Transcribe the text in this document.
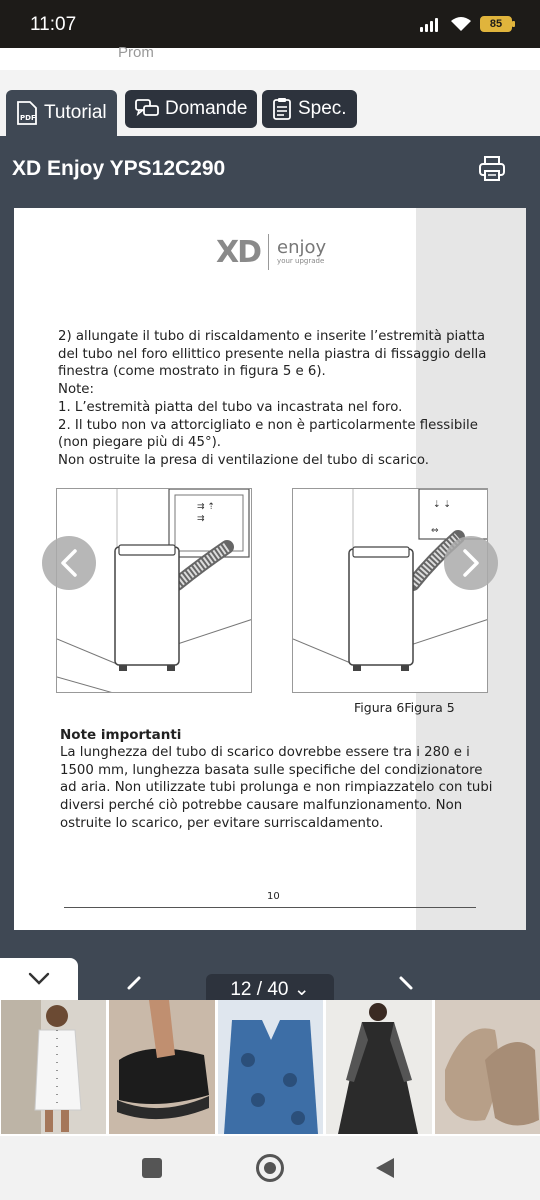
11:07	85
Prom
PDF Tutorial	Domande	Spec.
XD Enjoy YPS12C290
XD enjoy
your upgrade
2) allungate il tubo di riscaldamento e inserite l’estremità piatta
del tubo nel foro ellittico presente nella piastra di fissaggio della
finestra (come mostrato in figura 5 e 6).
Note:
1. L’estremità piatta del tubo va incastrata nel foro.
2. Il tubo non va attorcigliato e non è particolarmente flessibile
(non piegare più di 45°).
Non ostruite la presa di ventilazione del tubo di scarico.
⇉ ⇡
⇉
⇣ ⇣
⇔
Figura 6Figura 5
Note importanti
La lunghezza del tubo di scarico dovrebbe essere tra i 280 e i
1500 mm, lunghezza basata sulle specifiche del condizionatore
ad aria. Non utilizzate tubi prolunga e non rimpiazzatelo con tubi
diversi perché ciò potrebbe causare malfunzionamento. Non
ostruite lo scarico, per evitare surriscaldamento.
10
12 / 40 ⌄
